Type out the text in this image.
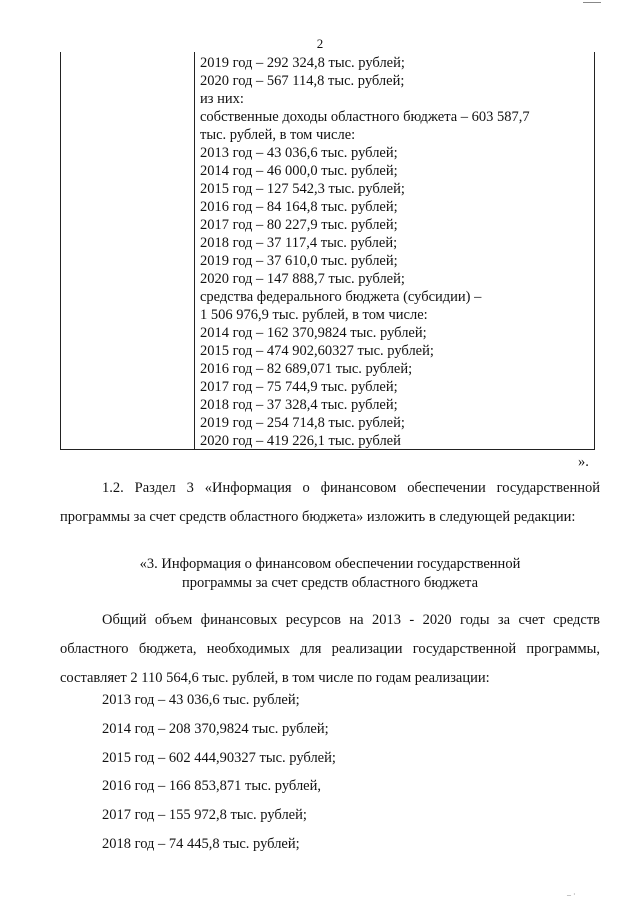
2
2019 год – 292 324,8 тыс. рублей;
2020 год – 567 114,8 тыс. рублей;
из них:
собственные доходы областного бюджета – 603 587,7
тыс. рублей, в том числе:
2013 год – 43 036,6 тыс. рублей;
2014 год – 46 000,0 тыс. рублей;
2015 год – 127 542,3 тыс. рублей;
2016 год – 84 164,8 тыс. рублей;
2017 год – 80 227,9 тыс. рублей;
2018 год – 37 117,4 тыс. рублей;
2019 год – 37 610,0 тыс. рублей;
2020 год – 147 888,7 тыс. рублей;
средства федерального бюджета (субсидии) –
1 506 976,9 тыс. рублей, в том числе:
2014 год – 162 370,9824 тыс. рублей;
2015 год – 474 902,60327 тыс. рублей;
2016 год – 82 689,071 тыс. рублей;
2017 год – 75 744,9 тыс. рублей;
2018 год – 37 328,4 тыс. рублей;
2019 год – 254 714,8 тыс. рублей;
2020 год – 419 226,1 тыс. рублей
».
1.2. Раздел 3 «Информация о финансовом обеспечении государственной программы за счет средств областного бюджета» изложить в следующей редакции:
«3. Информация о финансовом обеспечении государственной
программы за счет средств областного бюджета
Общий объем финансовых ресурсов на 2013 - 2020 годы за счет средств областного бюджета, необходимых для реализации государственной программы, составляет 2 110 564,6 тыс. рублей, в том числе по годам реализации:
2013 год – 43 036,6 тыс. рублей;
2014 год – 208 370,9824 тыс. рублей;
2015 год – 602 444,90327 тыс. рублей;
2016 год – 166 853,871 тыс. рублей,
2017 год – 155 972,8 тыс. рублей;
2018 год – 74 445,8 тыс. рублей;
– ·
